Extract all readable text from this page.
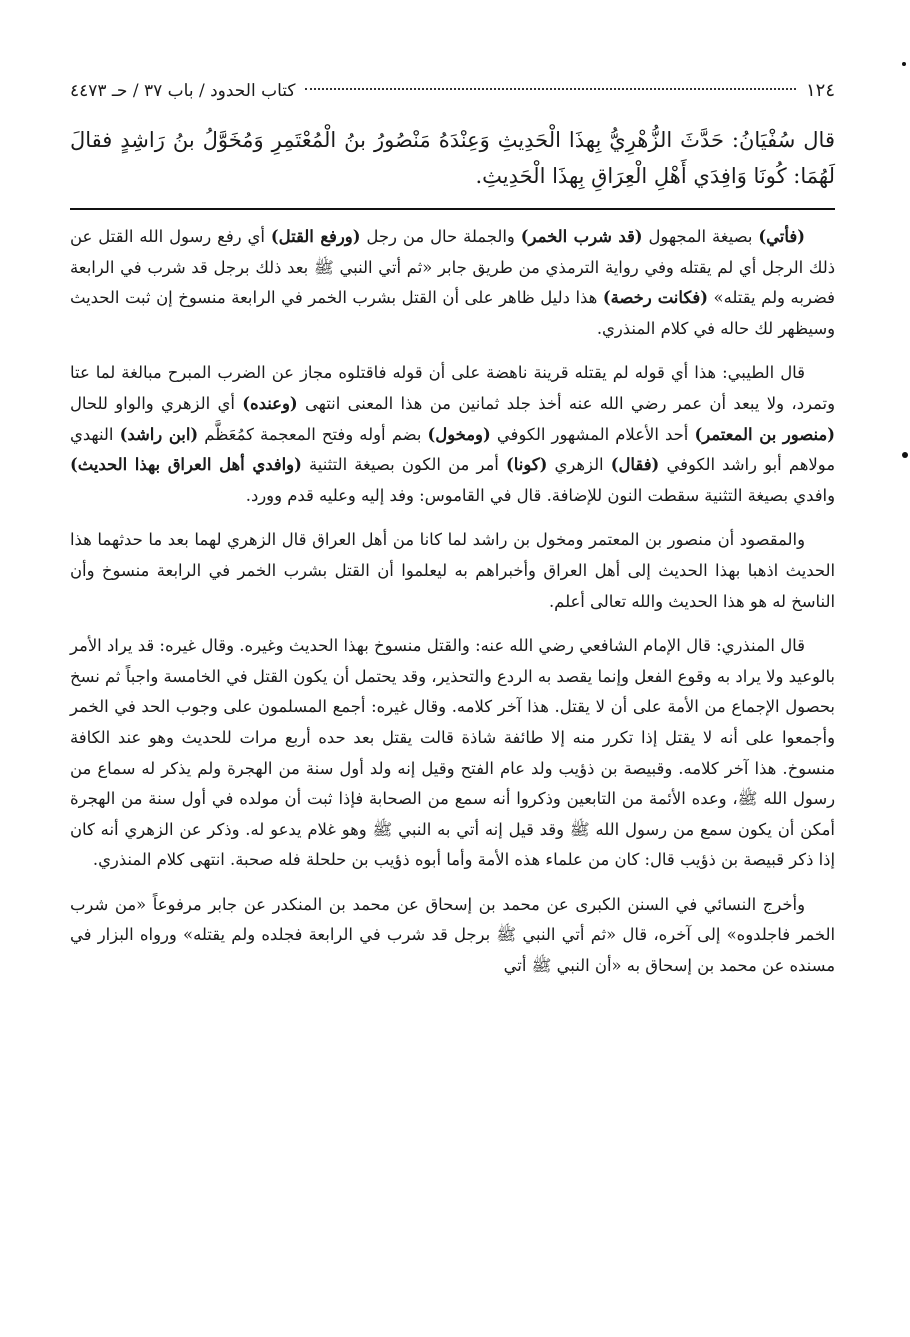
١٢٤
كتاب الحدود / باب ٣٧ / حـ ٤٤٧٣
قال سُفْيَانُ: حَدَّثَ الزُّهْرِيُّ بِهذَا الْحَدِيثِ وَعِنْدَهُ مَنْصُورُ بنُ الْمُعْتَمِرِ وَمُخَوَّلُ بنُ رَاشِدٍ فقالَ لَهُمَا: كُونَا وَافِدَي أَهْلِ الْعِرَاقِ بِهذَا الْحَدِيثِ.

(فأتي) بصيغة المجهول (قد شرب الخمر) والجملة حال من رجل (ورفع القتل) أي رفع رسول الله القتل عن ذلك الرجل أي لم يقتله وفي رواية الترمذي من طريق جابر «ثم أتي النبي ﷺ بعد ذلك برجل قد شرب في الرابعة فضربه ولم يقتله» (فكانت رخصة) هذا دليل ظاهر على أن القتل بشرب الخمر في الرابعة منسوخ إن ثبت الحديث وسيظهر لك حاله في كلام المنذري.

قال الطيبي: هذا أي قوله لم يقتله قرينة ناهضة على أن قوله فاقتلوه مجاز عن الضرب المبرح مبالغة لما عتا وتمرد، ولا يبعد أن عمر رضي الله عنه أخذ جلد ثمانين من هذا المعنى انتهى (وعنده) أي الزهري والواو للحال (منصور بن المعتمر) أحد الأعلام المشهور الكوفي (ومخول) بضم أوله وفتح المعجمة كمُعَظَّم (ابن راشد) النهدي مولاهم أبو راشد الكوفي (فقال) الزهري (كونا) أمر من الكون بصيغة التثنية (وافدي أهل العراق بهذا الحديث) وافدي بصيغة التثنية سقطت النون للإضافة. قال في القاموس: وفد إليه وعليه قدم وورد.

والمقصود أن منصور بن المعتمر ومخول بن راشد لما كانا من أهل العراق قال الزهري لهما بعد ما حدثهما هذا الحديث اذهبا بهذا الحديث إلى أهل العراق وأخبراهم به ليعلموا أن القتل بشرب الخمر في الرابعة منسوخ وأن الناسخ له هو هذا الحديث والله تعالى أعلم.

قال المنذري: قال الإمام الشافعي رضي الله عنه: والقتل منسوخ بهذا الحديث وغيره. وقال غيره: قد يراد الأمر بالوعيد ولا يراد به وقوع الفعل وإنما يقصد به الردع والتحذير، وقد يحتمل أن يكون القتل في الخامسة واجباً ثم نسخ بحصول الإجماع من الأمة على أن لا يقتل. هذا آخر كلامه. وقال غيره: أجمع المسلمون على وجوب الحد في الخمر وأجمعوا على أنه لا يقتل إذا تكرر منه إلا طائفة شاذة قالت يقتل بعد حده أربع مرات للحديث وهو عند الكافة منسوخ. هذا آخر كلامه. وقبيصة بن ذؤيب ولد عام الفتح وقيل إنه ولد أول سنة من الهجرة ولم يذكر له سماع من رسول الله ﷺ، وعده الأئمة من التابعين وذكروا أنه سمع من الصحابة فإذا ثبت أن مولده في أول سنة من الهجرة أمكن أن يكون سمع من رسول الله ﷺ وقد قيل إنه أتي به النبي ﷺ وهو غلام يدعو له. وذكر عن الزهري أنه كان إذا ذكر قبيصة بن ذؤيب قال: كان من علماء هذه الأمة وأما أبوه ذؤيب بن حلحلة فله صحبة. انتهى كلام المنذري.

وأخرج النسائي في السنن الكبرى عن محمد بن إسحاق عن محمد بن المنكدر عن جابر مرفوعاً «من شرب الخمر فاجلدوه» إلى آخره، قال «ثم أتي النبي ﷺ برجل قد شرب في الرابعة فجلده ولم يقتله» ورواه البزار في مسنده عن محمد بن إسحاق به «أن النبي ﷺ أتي
